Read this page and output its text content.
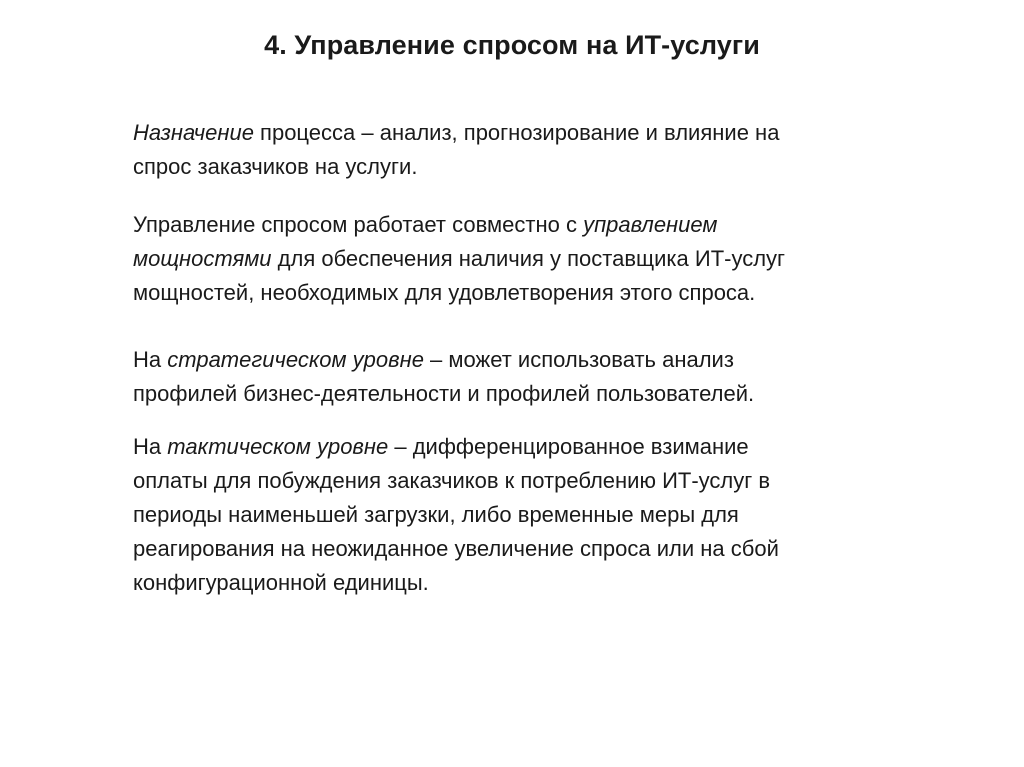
4. Управление спросом на ИТ-услуги

Назначение процесса – анализ, прогнозирование и влияние на

спрос заказчиков на услуги.

Управление спросом работает совместно с управлением

мощностями для обеспечения наличия у поставщика ИТ-услуг

мощностей, необходимых для удовлетворения этого спроса.

На стратегическом уровне – может использовать анализ

профилей бизнес-деятельности и профилей пользователей.

На тактическом уровне – дифференцированное взимание

оплаты для побуждения заказчиков к потреблению ИТ-услуг в

периоды наименьшей загрузки, либо временные меры для

реагирования на неожиданное увеличение спроса или на сбой

конфигурационной единицы.
